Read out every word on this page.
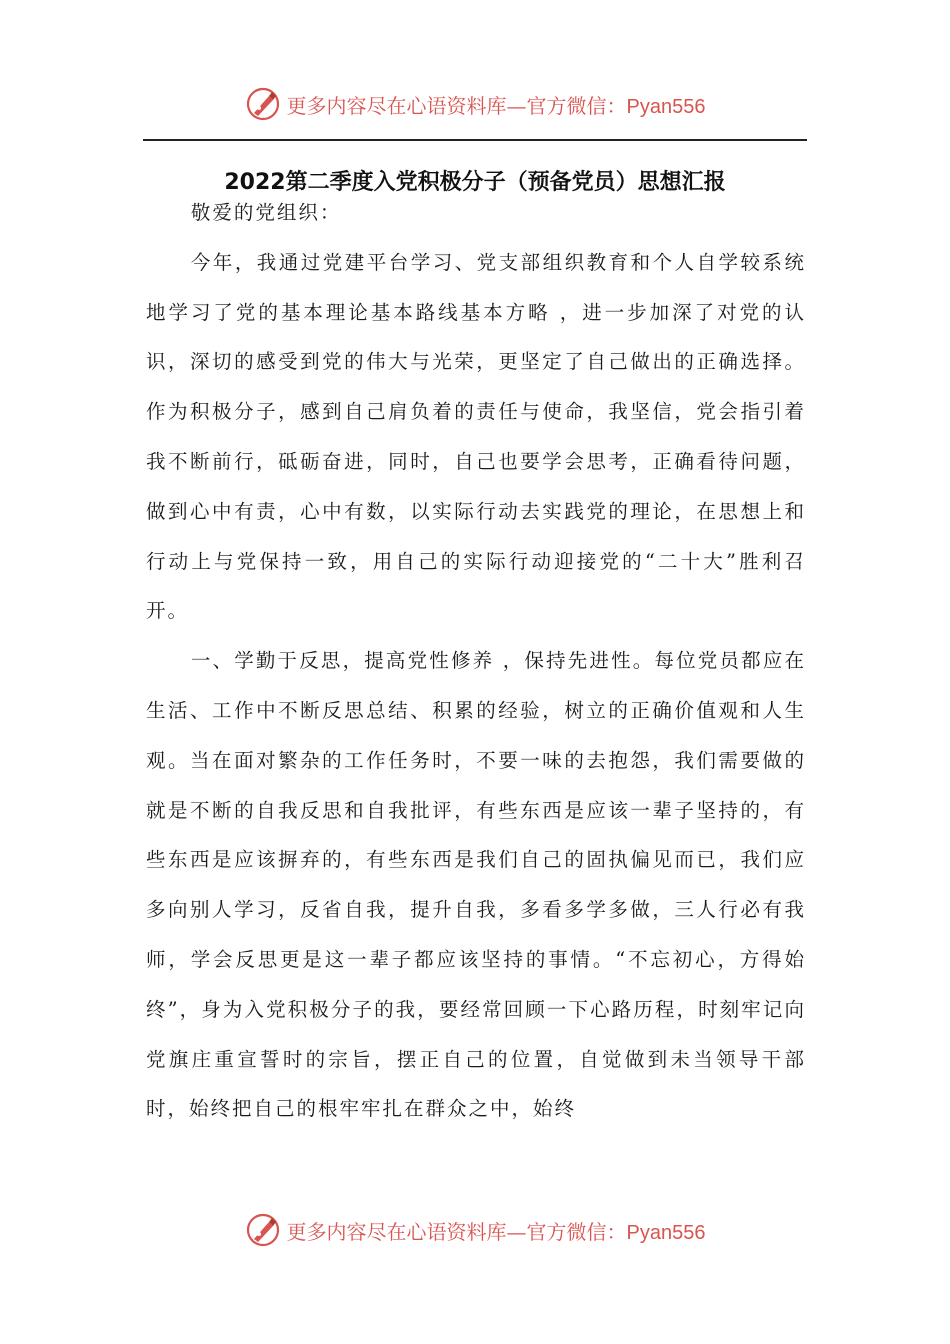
更多内容尽在心语资料库—官方微信：Pyan556
2022第二季度入党积极分子（预备党员）思想汇报

敬爱的党组织：

今年，我通过党建平台学习、党支部组织教育和个人自学较系统地学习了党的基本理论基本路线基本方略 ，进一步加深了对党的认识，深切的感受到党的伟大与光荣，更坚定了自己做出的正确选择。作为积极分子，感到自己肩负着的责任与使命，我坚信，党会指引着我不断前行，砥砺奋进，同时，自己也要学会思考，正确看待问题，做到心中有责，心中有数，以实际行动去实践党的理论，在思想上和行动上与党保持一致，用自己的实际行动迎接党的“二十大”胜利召开。

一、学勤于反思，提高党性修养 ，保持先进性。每位党员都应在生活、工作中不断反思总结、积累的经验，树立的正确价值观和人生观。当在面对繁杂的工作任务时，不要一味的去抱怨，我们需要做的就是不断的自我反思和自我批评，有些东西是应该一辈子坚持的，有些东西是应该摒弃的，有些东西是我们自己的固执偏见而已，我们应多向别人学习，反省自我，提升自我，多看多学多做，三人行必有我师，学会反思更是这一辈子都应该坚持的事情。“不忘初心，方得始终”，身为入党积极分子的我，要经常回顾一下心路历程，时刻牢记向党旗庄重宣誓时的宗旨，摆正自己的位置，自觉做到未当领导干部时，始终把自己的根牢牢扎在群众之中，始终

更多内容尽在心语资料库—官方微信：Pyan556
